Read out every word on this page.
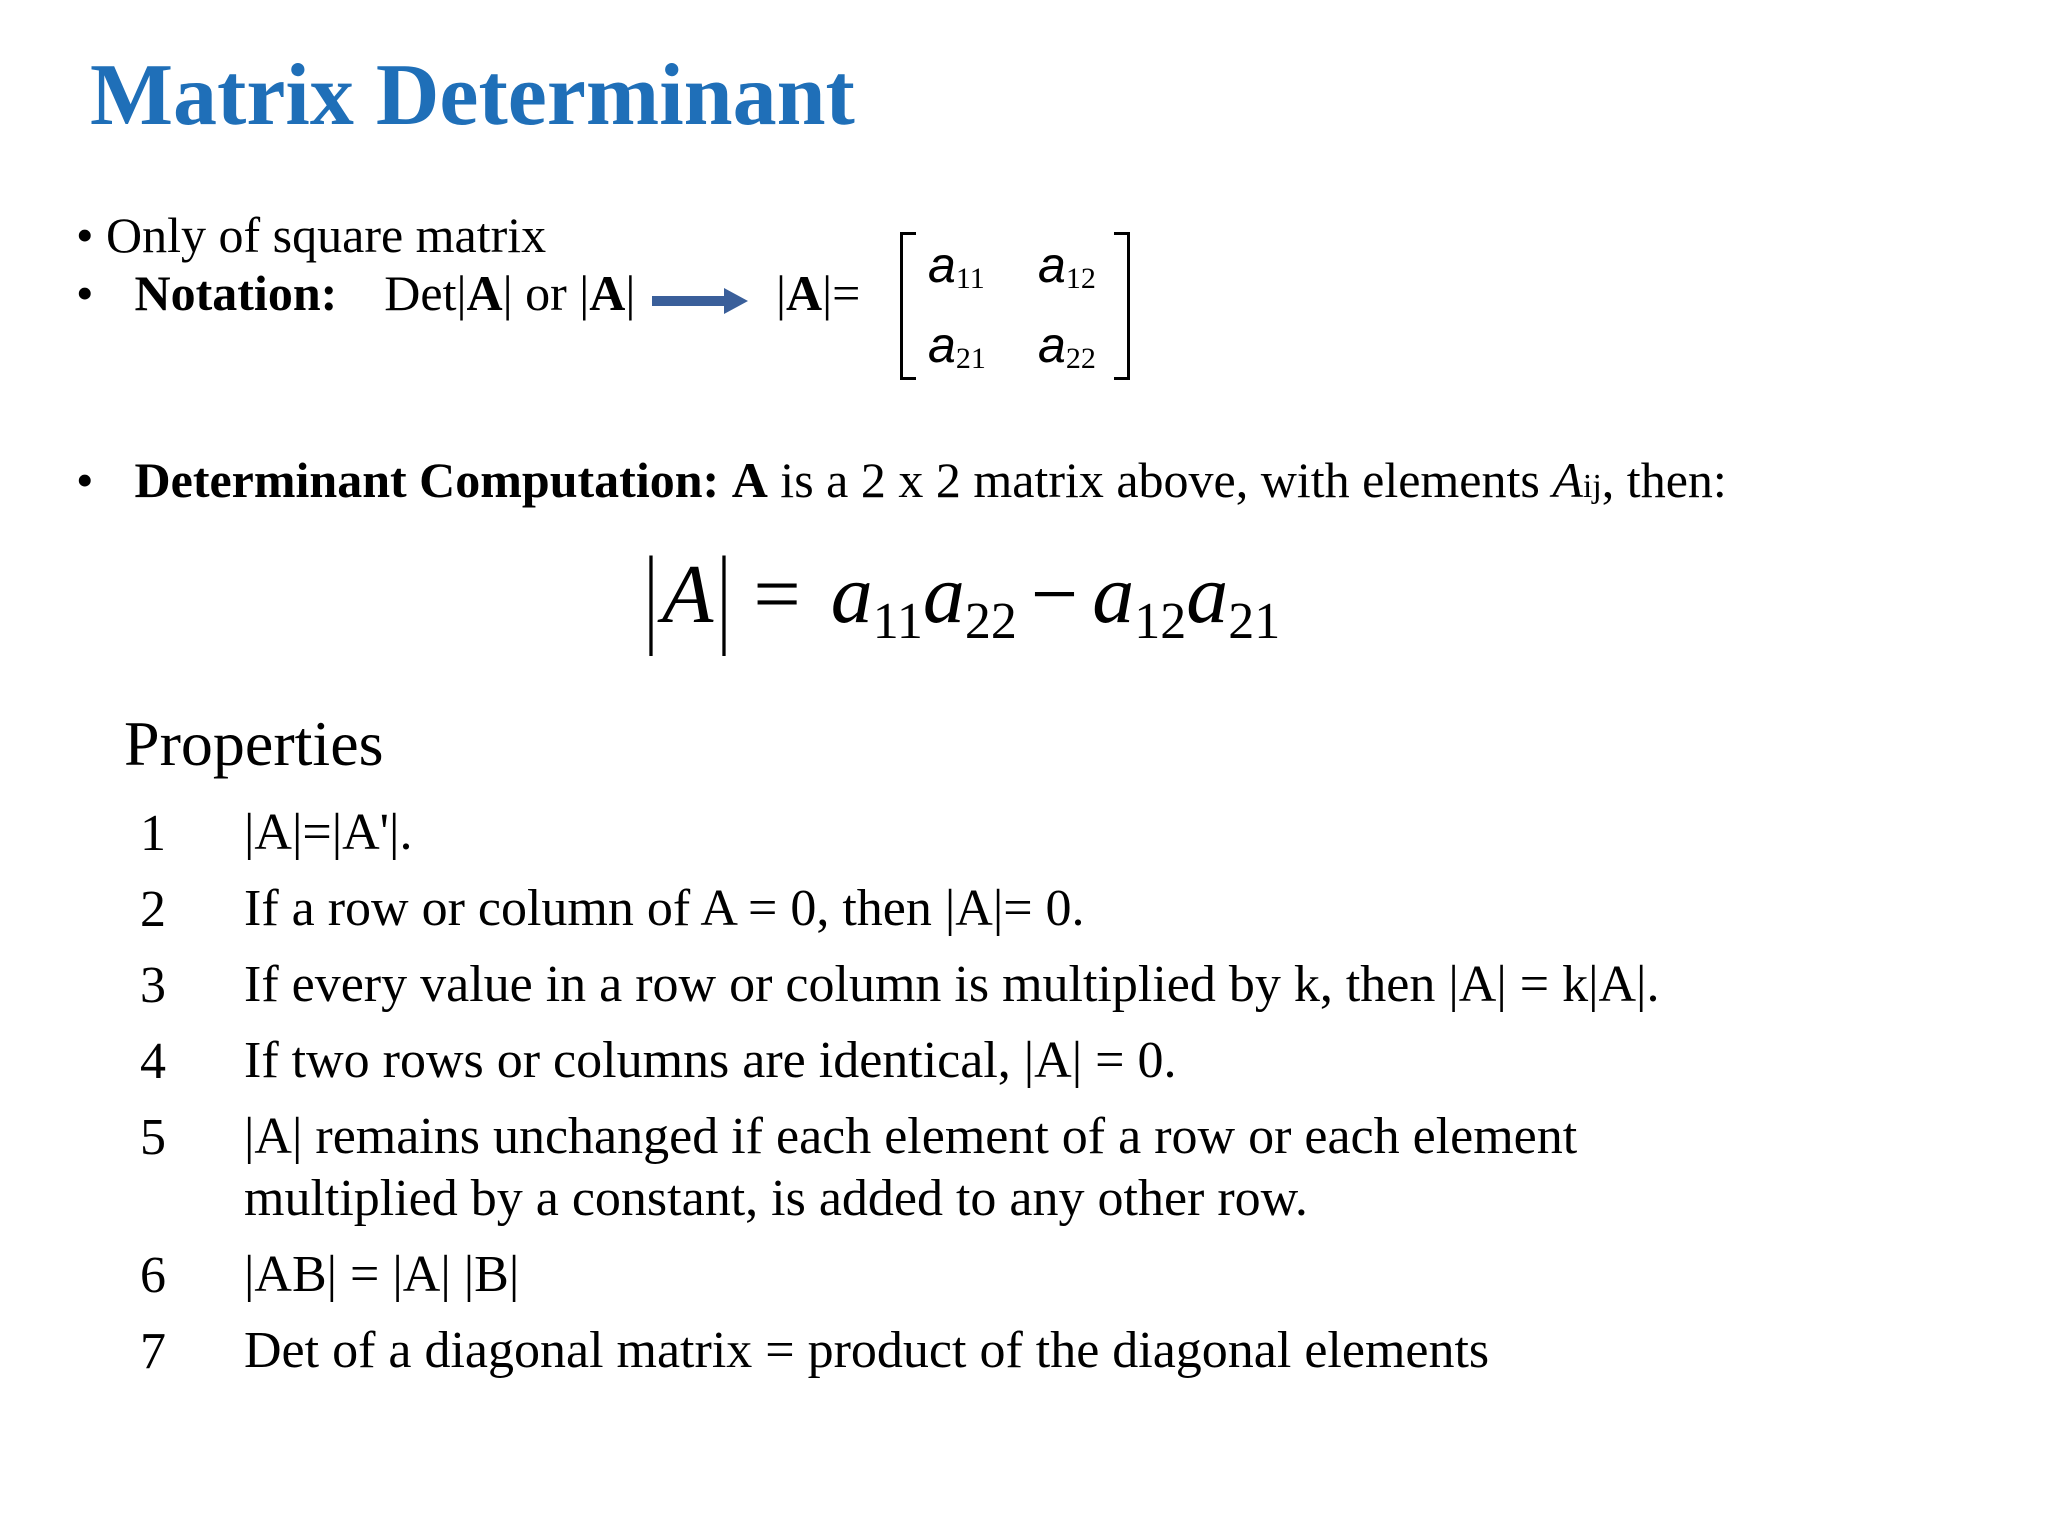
Matrix Determinant
• Only of square matrix
• Notation: Det|A| or |A|	$|A|= a_{11}$ $a_{12}$
$a_{21}$ $a_{22}$
• Determinant Computation: A is a 2 x 2 matrix above, with elements Aij, then:
$|A| = a_{11}a_{22} - a_{12}a_{21}$
Properties
1 |A|=|A'|.
2 If a row or column of A = 0, then |A|= 0.
3 If every value in a row or column is multiplied by k, then |A| = k|A|.
4 If two rows or columns are identical, |A| = 0.
5 |A| remains unchanged if each element of a row or each element
multiplied by a constant, is added to any other row.
6 |AB| = |A| |B|
7 Det of a diagonal matrix = product of the diagonal elements
